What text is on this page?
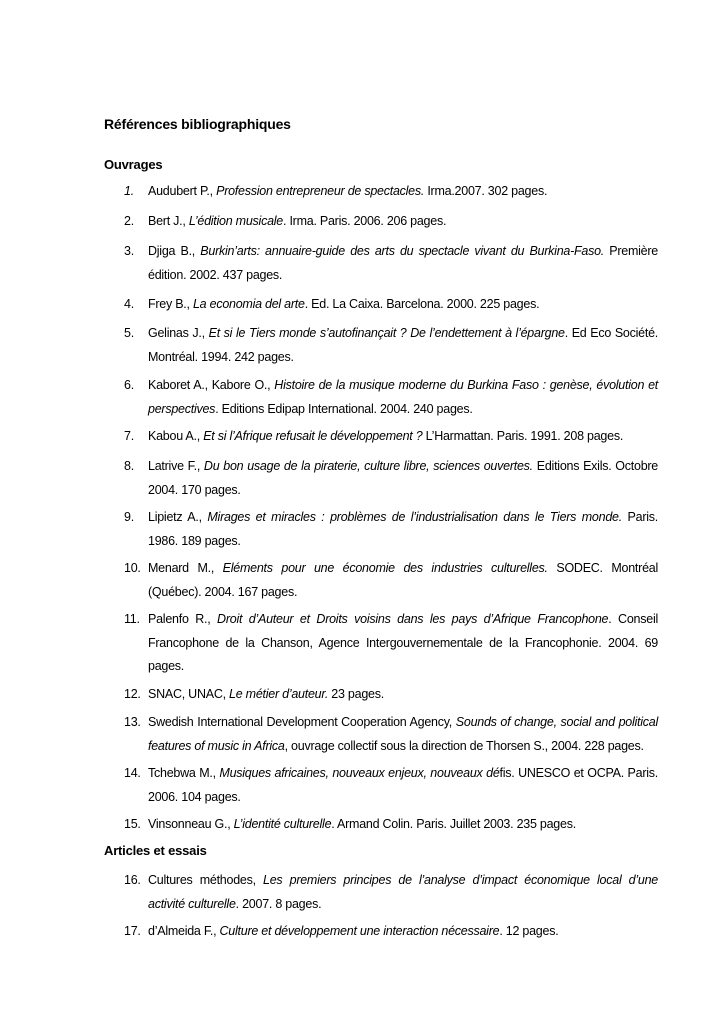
Références bibliographiques
Ouvrages
Articles et essais
1.	Audubert P., Profession entrepreneur de spectacles. Irma.2007. 302 pages.
2.	Bert J., L’édition musicale. Irma. Paris. 2006. 206 pages.
3.	Djiga B., Burkin’arts: annuaire-guide des arts du spectacle vivant du Burkina-Faso. Première édition. 2002. 437 pages.
4.	Frey B., La economia del arte. Ed. La Caixa. Barcelona. 2000. 225 pages.
5.	Gelinas J., Et si le Tiers monde s’autofinançait ? De l’endettement à l’épargne. Ed Eco Société. Montréal. 1994. 242 pages.
6.	Kaboret A., Kabore O., Histoire de la musique moderne du Burkina Faso : genèse, évolution et perspectives. Editions Edipap International. 2004. 240 pages.
7.	Kabou A., Et si l’Afrique refusait le développement ? L’Harmattan. Paris. 1991. 208 pages.
8.	Latrive F., Du bon usage de la piraterie, culture libre, sciences ouvertes. Editions Exils. Octobre 2004. 170 pages.
9.	Lipietz A., Mirages et miracles : problèmes de l’industrialisation dans le Tiers monde. Paris. 1986. 189 pages.
10. Menard M., Eléments pour une économie des industries culturelles. SODEC. Montréal (Québec). 2004. 167 pages.
11. Palenfo R., Droit d’Auteur et Droits voisins dans les pays d’Afrique Francophone. Conseil Francophone de la Chanson, Agence Intergouvernementale de la Francophonie. 2004. 69 pages.
12. SNAC, UNAC, Le métier d’auteur. 23 pages.
13. Swedish International Development Cooperation Agency, Sounds of change, social and political features of music in Africa, ouvrage collectif sous la direction de Thorsen S., 2004. 228 pages.
14. Tchebwa M., Musiques africaines, nouveaux enjeux, nouveaux défis. UNESCO et OCPA. Paris. 2006. 104 pages.
15. Vinsonneau G., L’identité culturelle. Armand Colin. Paris. Juillet 2003. 235 pages.
16. Cultures méthodes, Les premiers principes de l’analyse d’impact économique local d’une activité culturelle. 2007. 8 pages.
17. d’Almeida F., Culture et développement une interaction nécessaire. 12 pages.
